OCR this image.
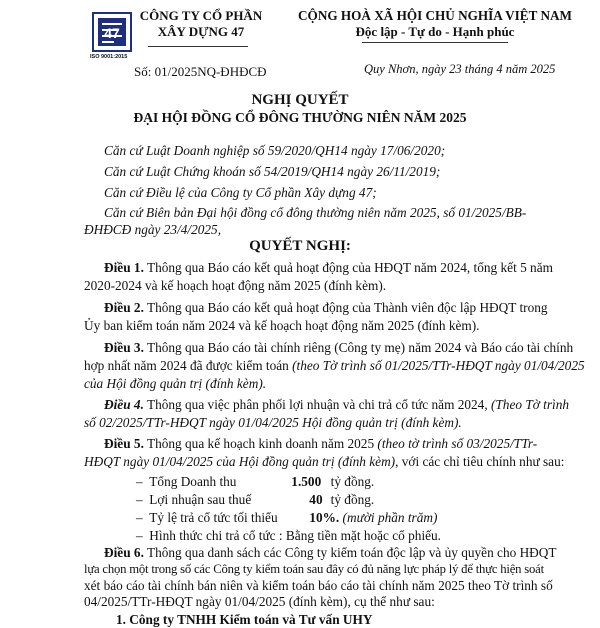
47
ISO 9001:2015
CÔNG TY CỔ PHẦN
XÂY DỰNG 47
Số: 01/2025NQ-ĐHĐCĐ
CỘNG HOÀ XÃ HỘI CHỦ NGHĨA VIỆT NAM
Độc lập - Tự do - Hạnh phúc
Quy Nhơn, ngày 23 tháng 4 năm 2025
NGHỊ QUYẾT
ĐẠI HỘI ĐỒNG CỔ ĐÔNG THƯỜNG NIÊN NĂM 2025
Căn cứ Luật Doanh nghiệp số 59/2020/QH14 ngày 17/06/2020;
Căn cứ Luật Chứng khoán số 54/2019/QH14 ngày 26/11/2019;
Căn cứ Điều lệ của Công ty Cổ phần Xây dựng 47;
Căn cứ Biên bản Đại hội đồng cổ đông thường niên năm 2025, số 01/2025/BB-
ĐHĐCĐ ngày 23/4/2025,
QUYẾT NGHỊ:
Điều 1. Thông qua Báo cáo kết quả hoạt động của HĐQT năm 2024, tổng kết 5 năm
2020-2024 và kế hoạch hoạt động năm 2025 (đính kèm).
Điều 2. Thông qua Báo cáo kết quả hoạt động của Thành viên độc lập HĐQT trong
Ủy ban kiểm toán năm 2024 và kế hoạch hoạt động năm 2025 (đính kèm).
Điều 3. Thông qua Báo cáo tài chính riêng (Công ty mẹ) năm 2024 và Báo cáo tài chính
hợp nhất năm 2024 đã được kiểm toán (theo Tờ trình số 01/2025/TTr-HĐQT ngày 01/04/2025
của Hội đồng quản trị (đính kèm).
Điều 4. Thông qua việc phân phối lợi nhuận và chi trả cổ tức năm 2024, (Theo Tờ trình
số 02/2025/TTr-HĐQT ngày 01/04/2025 Hội đồng quản trị (đính kèm).
Điều 5. Thông qua kế hoạch kinh doanh năm 2025 (theo tờ trình số 03/2025/TTr-
HĐQT ngày 01/04/2025 của Hội đồng quản trị (đính kèm), với các chỉ tiêu chính như sau:
–  Tổng Doanh thu	1.500 tỷ đồng.
–  Lợi nhuận sau thuế	40 tỷ đồng.
–  Tỷ lệ trả cổ tức tối thiểu 10%. (mười phần trăm)
–  Hình thức chi trả cổ tức : Bằng tiền mặt hoặc cổ phiếu.
Điều 6. Thông qua danh sách các Công ty kiểm toán độc lập và ủy quyền cho HĐQT
lựa chọn một trong số các Công ty kiểm toán sau đây có đủ năng lực pháp lý để thực hiện soát
xét báo cáo tài chính bán niên và kiểm toán báo cáo tài chính năm 2025 theo Tờ trình số
04/2025/TTr-HĐQT ngày 01/04/2025 (đính kèm), cụ thể như sau:
1. Công ty TNHH Kiểm toán và Tư vấn UHY
